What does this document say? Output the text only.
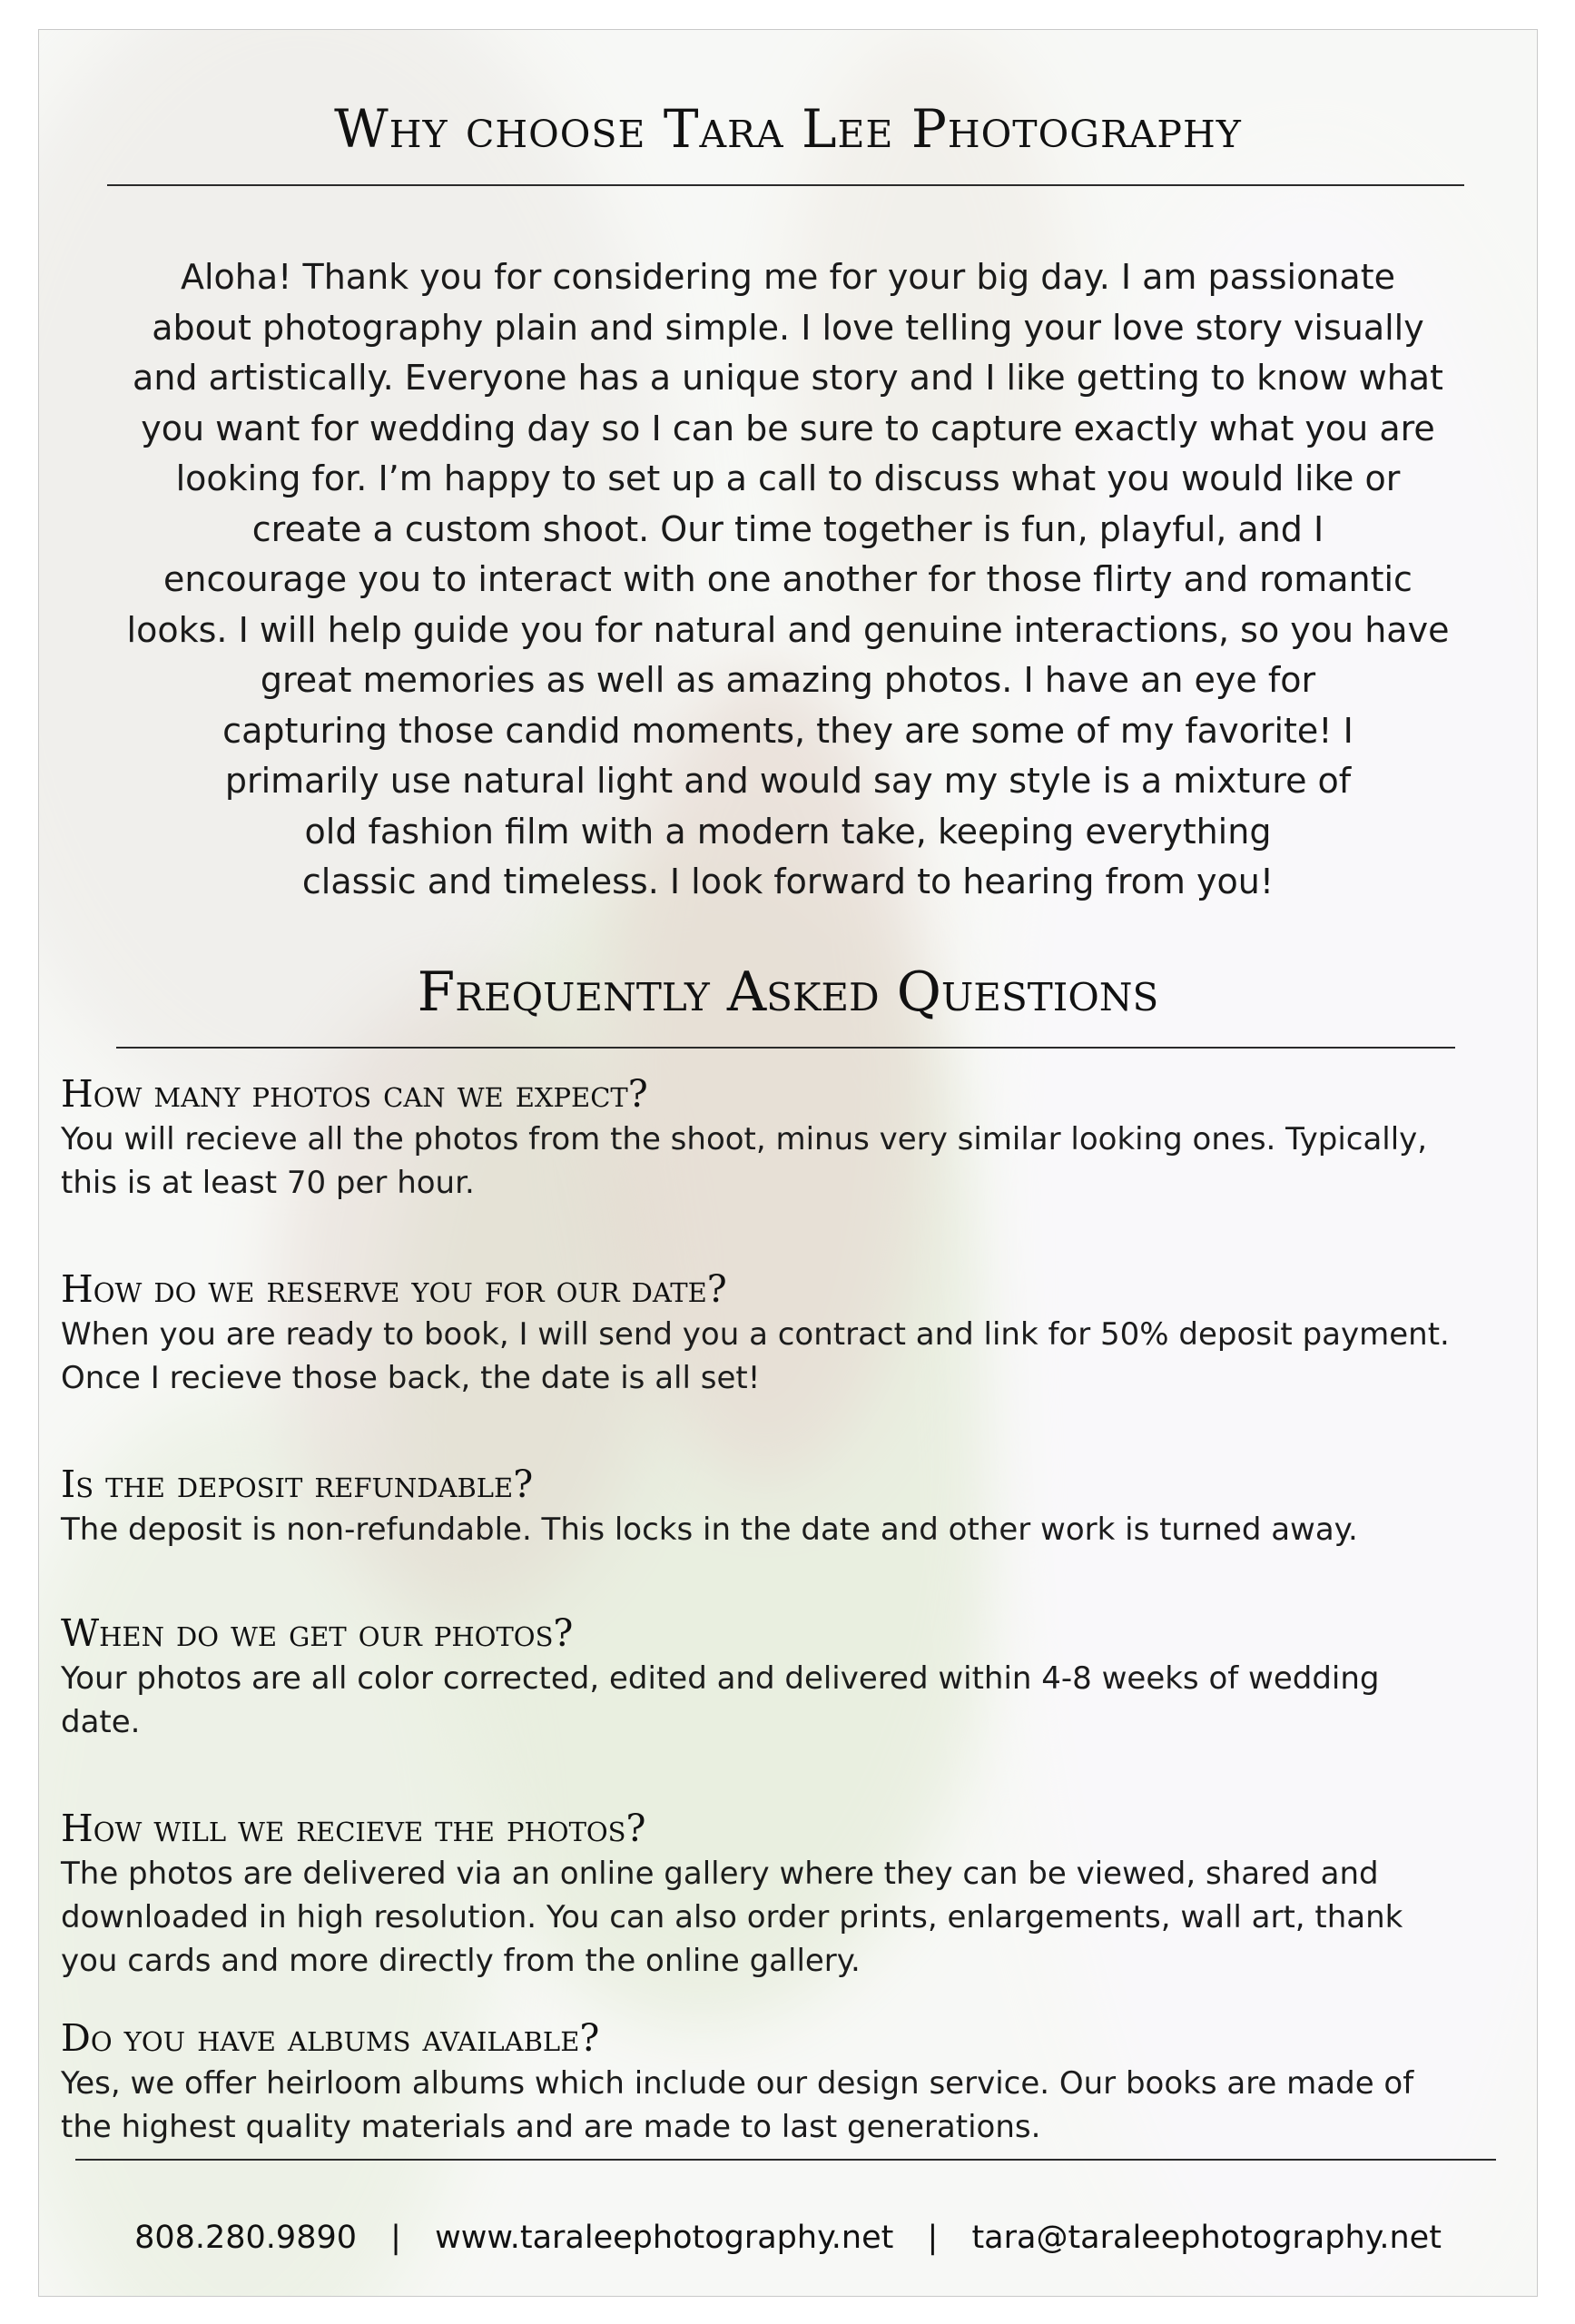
Why choose Tara Lee Photography
Aloha! Thank you for considering me for your big day. I am passionate
about photography plain and simple. I love telling your love story visually
and artistically. Everyone has a unique story and I like getting to know what
you want for wedding day so I can be sure to capture exactly what you are
looking for. I’m happy to set up a call to discuss what you would like or
create a custom shoot. Our time together is fun, playful, and I
encourage you to interact with one another for those flirty and romantic
looks. I will help guide you for natural and genuine interactions, so you have
great memories as well as amazing photos. I have an eye for
capturing those candid moments, they are some of my favorite! I
primarily use natural light and would say my style is a mixture of
old fashion film with a modern take, keeping everything
classic and timeless. I look forward to hearing from you!
Frequently Asked Questions
How many photos can we expect?
You will recieve all the photos from the shoot, minus very similar looking ones. Typically,
this is at least 70 per hour.
How do we reserve you for our date?
When you are ready to book, I will send you a contract and link for 50% deposit payment.
Once I recieve those back, the date is all set!
Is the deposit refundable?
The deposit is non-refundable. This locks in the date and other work is turned away.
When do we get our photos?
Your photos are all color corrected, edited and delivered within 4-8 weeks of wedding
date.
How will we recieve the photos?
The photos are delivered via an online gallery where they can be viewed, shared and
downloaded in high resolution. You can also order prints, enlargements, wall art, thank
you cards and more directly from the online gallery.
Do you have albums available?
Yes, we offer heirloom albums which include our design service. Our books are made of
the highest quality materials and are made to last generations.
808.280.9890 | www.taraleephotography.net | tara@taraleephotography.net
